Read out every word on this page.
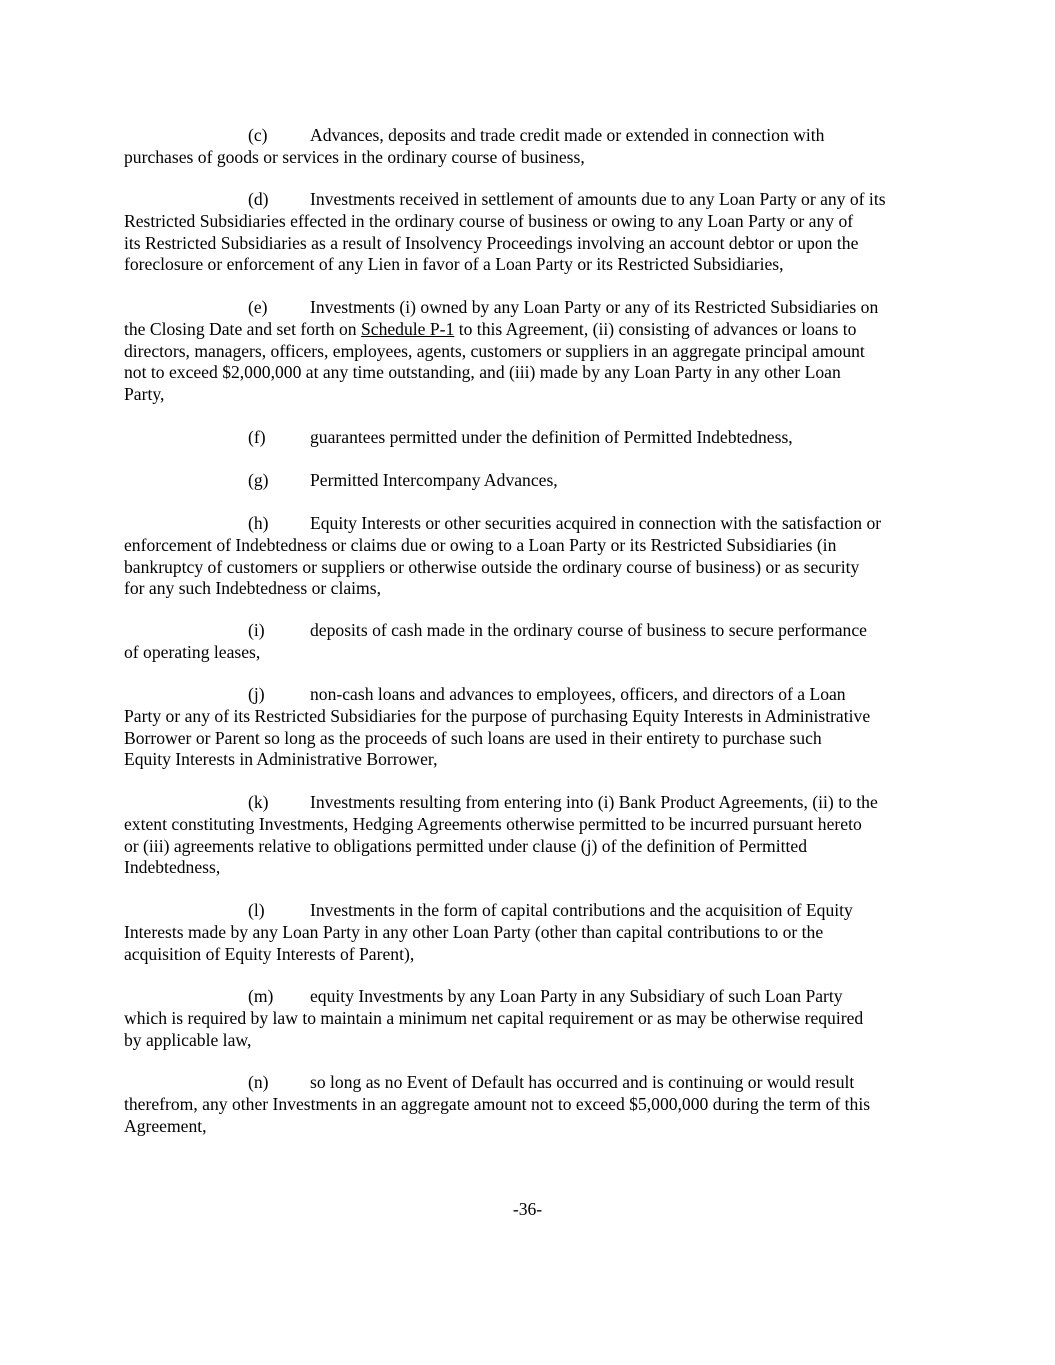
(c) Advances, deposits and trade credit made or extended in connection with
purchases of goods or services in the ordinary course of business,
(d) Investments received in settlement of amounts due to any Loan Party or any of its
Restricted Subsidiaries effected in the ordinary course of business or owing to any Loan Party or any of
its Restricted Subsidiaries as a result of Insolvency Proceedings involving an account debtor or upon the
foreclosure or enforcement of any Lien in favor of a Loan Party or its Restricted Subsidiaries,
(e) Investments (i) owned by any Loan Party or any of its Restricted Subsidiaries on
the Closing Date and set forth on Schedule P-1 to this Agreement, (ii) consisting of advances or loans to
directors, managers, officers, employees, agents, customers or suppliers in an aggregate principal amount
not to exceed $2,000,000 at any time outstanding, and (iii) made by any Loan Party in any other Loan
Party,
(f)	guarantees permitted under the definition of Permitted Indebtedness,
(g) Permitted Intercompany Advances,
(h) Equity Interests or other securities acquired in connection with the satisfaction or
enforcement of Indebtedness or claims due or owing to a Loan Party or its Restricted Subsidiaries (in
bankruptcy of customers or suppliers or otherwise outside the ordinary course of business) or as security
for any such Indebtedness or claims,
(i)	deposits of cash made in the ordinary course of business to secure performance
of operating leases,
(j)	non-cash loans and advances to employees, officers, and directors of a Loan
Party or any of its Restricted Subsidiaries for the purpose of purchasing Equity Interests in Administrative
Borrower or Parent so long as the proceeds of such loans are used in their entirety to purchase such
Equity Interests in Administrative Borrower,
(k) Investments resulting from entering into (i) Bank Product Agreements, (ii) to the
extent constituting Investments, Hedging Agreements otherwise permitted to be incurred pursuant hereto
or (iii) agreements relative to obligations permitted under clause (j) of the definition of Permitted
Indebtedness,
(l)	Investments in the form of capital contributions and the acquisition of Equity
Interests made by any Loan Party in any other Loan Party (other than capital contributions to or the
acquisition of Equity Interests of Parent),
(m) equity Investments by any Loan Party in any Subsidiary of such Loan Party
which is required by law to maintain a minimum net capital requirement or as may be otherwise required
by applicable law,
(n) so long as no Event of Default has occurred and is continuing or would result
therefrom, any other Investments in an aggregate amount not to exceed $5,000,000 during the term of this
Agreement,
-36-
